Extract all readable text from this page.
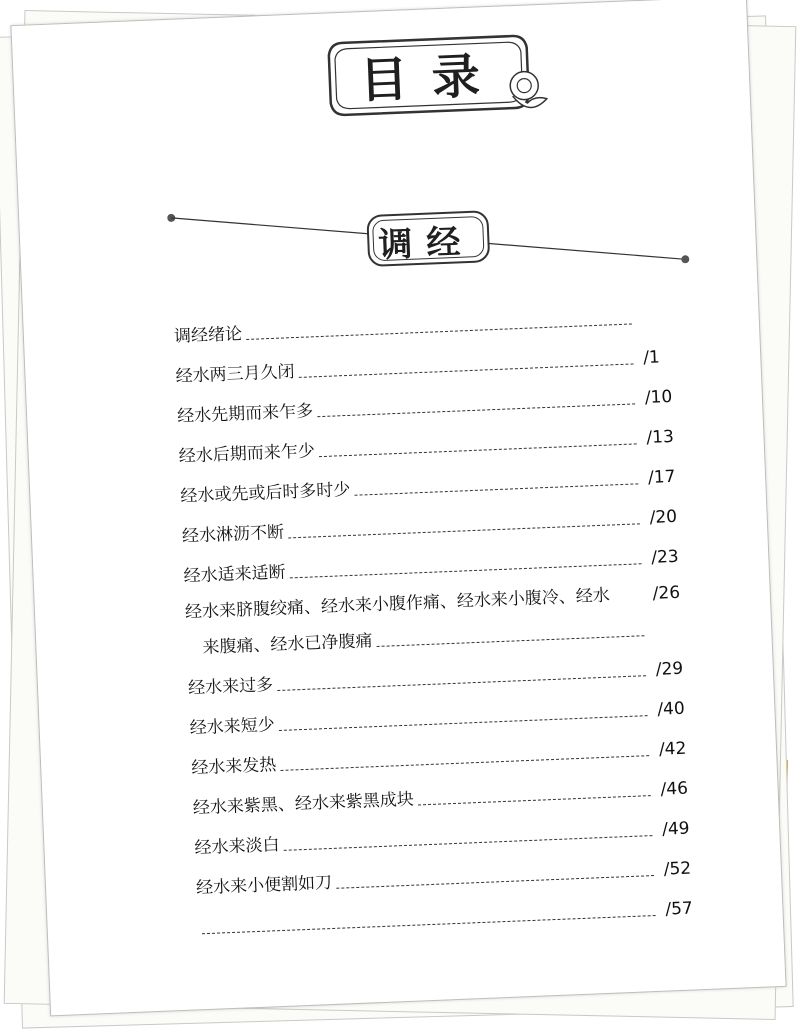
目录
调经
调经绪论
经水两三月久闭
/1
经水先期而来乍多
/10
经水后期而来乍少
/13
经水或先或后时多时少
/17
经水淋沥不断
/20
经水适来适断
/23
经水来脐腹绞痛、经水来小腹作痛、经水来小腹冷、经水	/26
来腹痛、经水已净腹痛
经水来过多
/29
经水来短少
/40
经水来发热
/42
经水来紫黑、经水来紫黑成块
/46
经水来淡白
/49
经水来小便割如刀
/52
/57
